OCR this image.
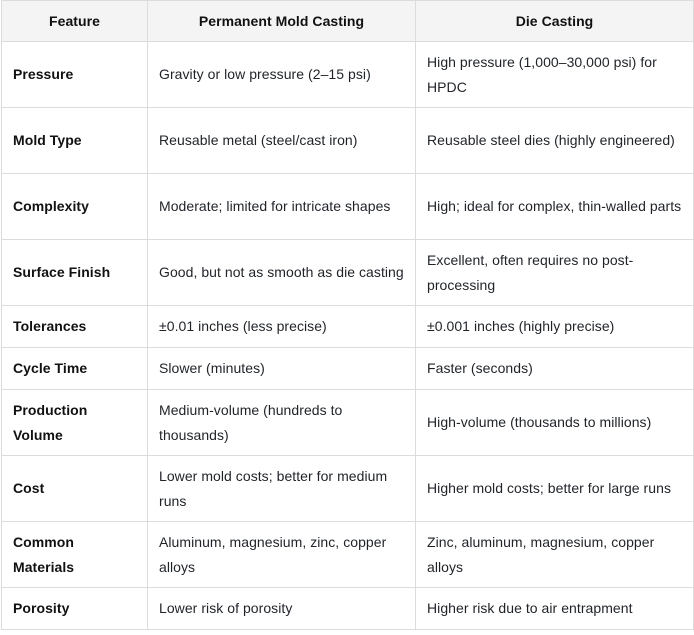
Feature	Permanent Mold Casting	Die Casting
Pressure	Gravity or low pressure (2–15 psi)	High pressure (1,000–30,000 psi) for HPDC
Mold Type	Reusable metal (steel/cast iron)	Reusable steel dies (highly engineered)
Complexity	Moderate; limited for intricate shapes	High; ideal for complex, thin-walled parts
Surface Finish	Good, but not as smooth as die casting	Excellent, often requires no post-processing
Tolerances	±0.01 inches (less precise)	±0.001 inches (highly precise)
Cycle Time	Slower (minutes)	Faster (seconds)
Production Volume	Medium-volume (hundreds to thousands)	High-volume (thousands to millions)
Cost	Lower mold costs; better for medium runs	Higher mold costs; better for large runs
Common Materials	Aluminum, magnesium, zinc, copper alloys	Zinc, aluminum, magnesium, copper alloys
Porosity	Lower risk of porosity	Higher risk due to air entrapment
